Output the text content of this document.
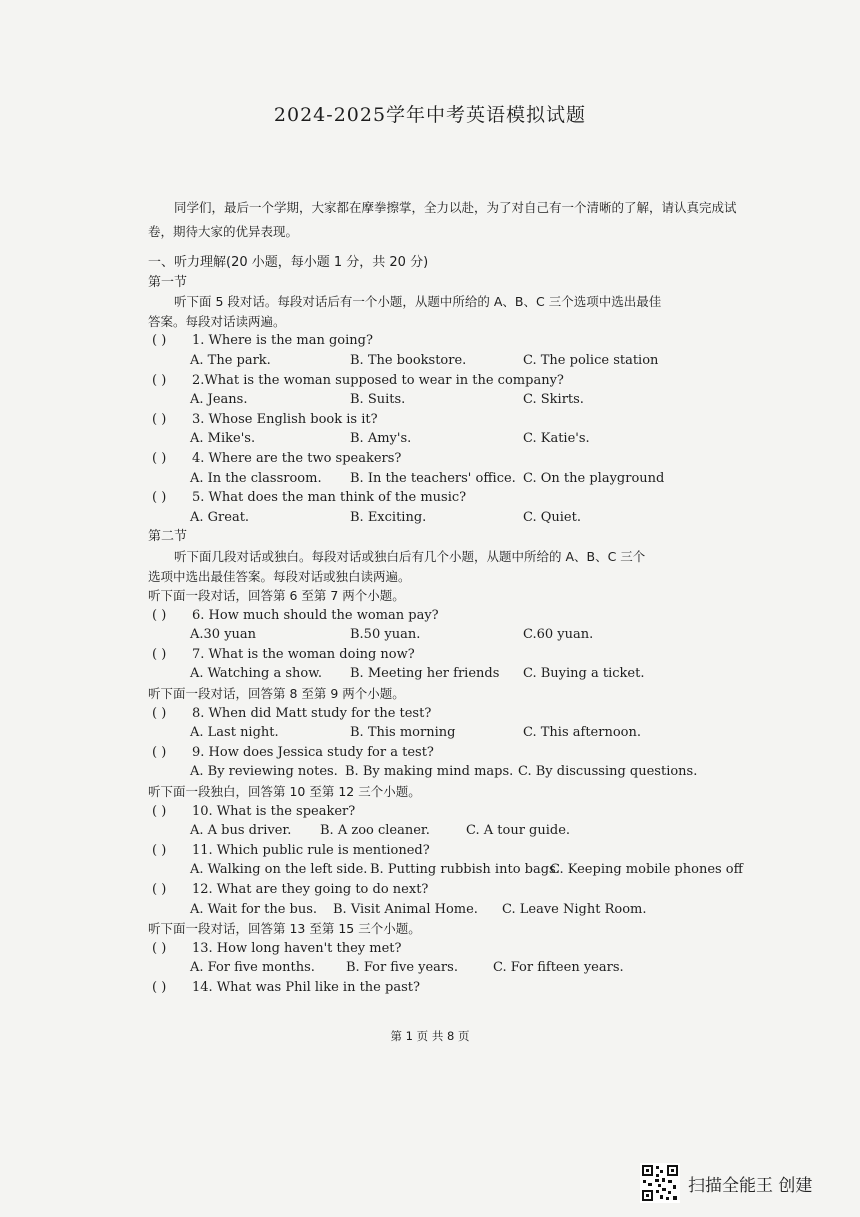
2024-2025学年中考英语模拟试题
同学们，最后一个学期，大家都在摩拳擦掌，全力以赴，为了对自己有一个清晰的了解，请认真完成试卷，期待大家的优异表现。
一、听力理解(20 小题，每小题 1 分，共 20 分)
第一节
听下面 5 段对话。每段对话后有一个小题，从题中所给的 A、B、C 三个选项中选出最佳
答案。每段对话读两遍。
( ) 1. Where is the man going?
A. The park.	B. The bookstore.	C. The police station
( ) 2.What is the woman supposed to wear in the company?
A. Jeans.	B. Suits.	C. Skirts.
( ) 3. Whose English book is it?
A. Mike's.	B. Amy's.	C. Katie's.
( ) 4. Where are the two speakers?
A. In the classroom. B. In the teachers' office. C. On the playground
( ) 5. What does the man think of the music?
A. Great.	B. Exciting.	C. Quiet.
第二节
听下面几段对话或独白。每段对话或独白后有几个小题，从题中所给的 A、B、C 三个
选项中选出最佳答案。每段对话或独白读两遍。
听下面一段对话，回答第 6 至第 7 两个小题。
( ) 6. How much should the woman pay?
A.30 yuan	B.50 yuan.	C.60 yuan.
( ) 7. What is the woman doing now?
A. Watching a show. B. Meeting her friends C. Buying a ticket.
听下面一段对话，回答第 8 至第 9 两个小题。
( ) 8. When did Matt study for the test?
A. Last night.	B. This morning	C. This afternoon.
( ) 9. How does Jessica study for a test?
A. By reviewing notes. B. By making mind maps. C. By discussing questions.
听下面一段独白，回答第 10 至第 12 三个小题。
( ) 10. What is the speaker?
A. A bus driver. B. A zoo cleaner.	C. A tour guide.
( ) 11. Which public rule is mentioned?
A. Walking on the left side. B. Putting rubbish into bags.
C. Keeping mobile phones off
( ) 12. What are they going to do next?
A. Wait for the bus. B. Visit Animal Home. C. Leave Night Room.
听下面一段对话，回答第 13 至第 15 三个小题。
( ) 13. How long haven't they met?
A. For five months. B. For five years.	C. For fifteen years.
( ) 14. What was Phil like in the past?
第 1 页 共 8 页
扫描全能王 创建
